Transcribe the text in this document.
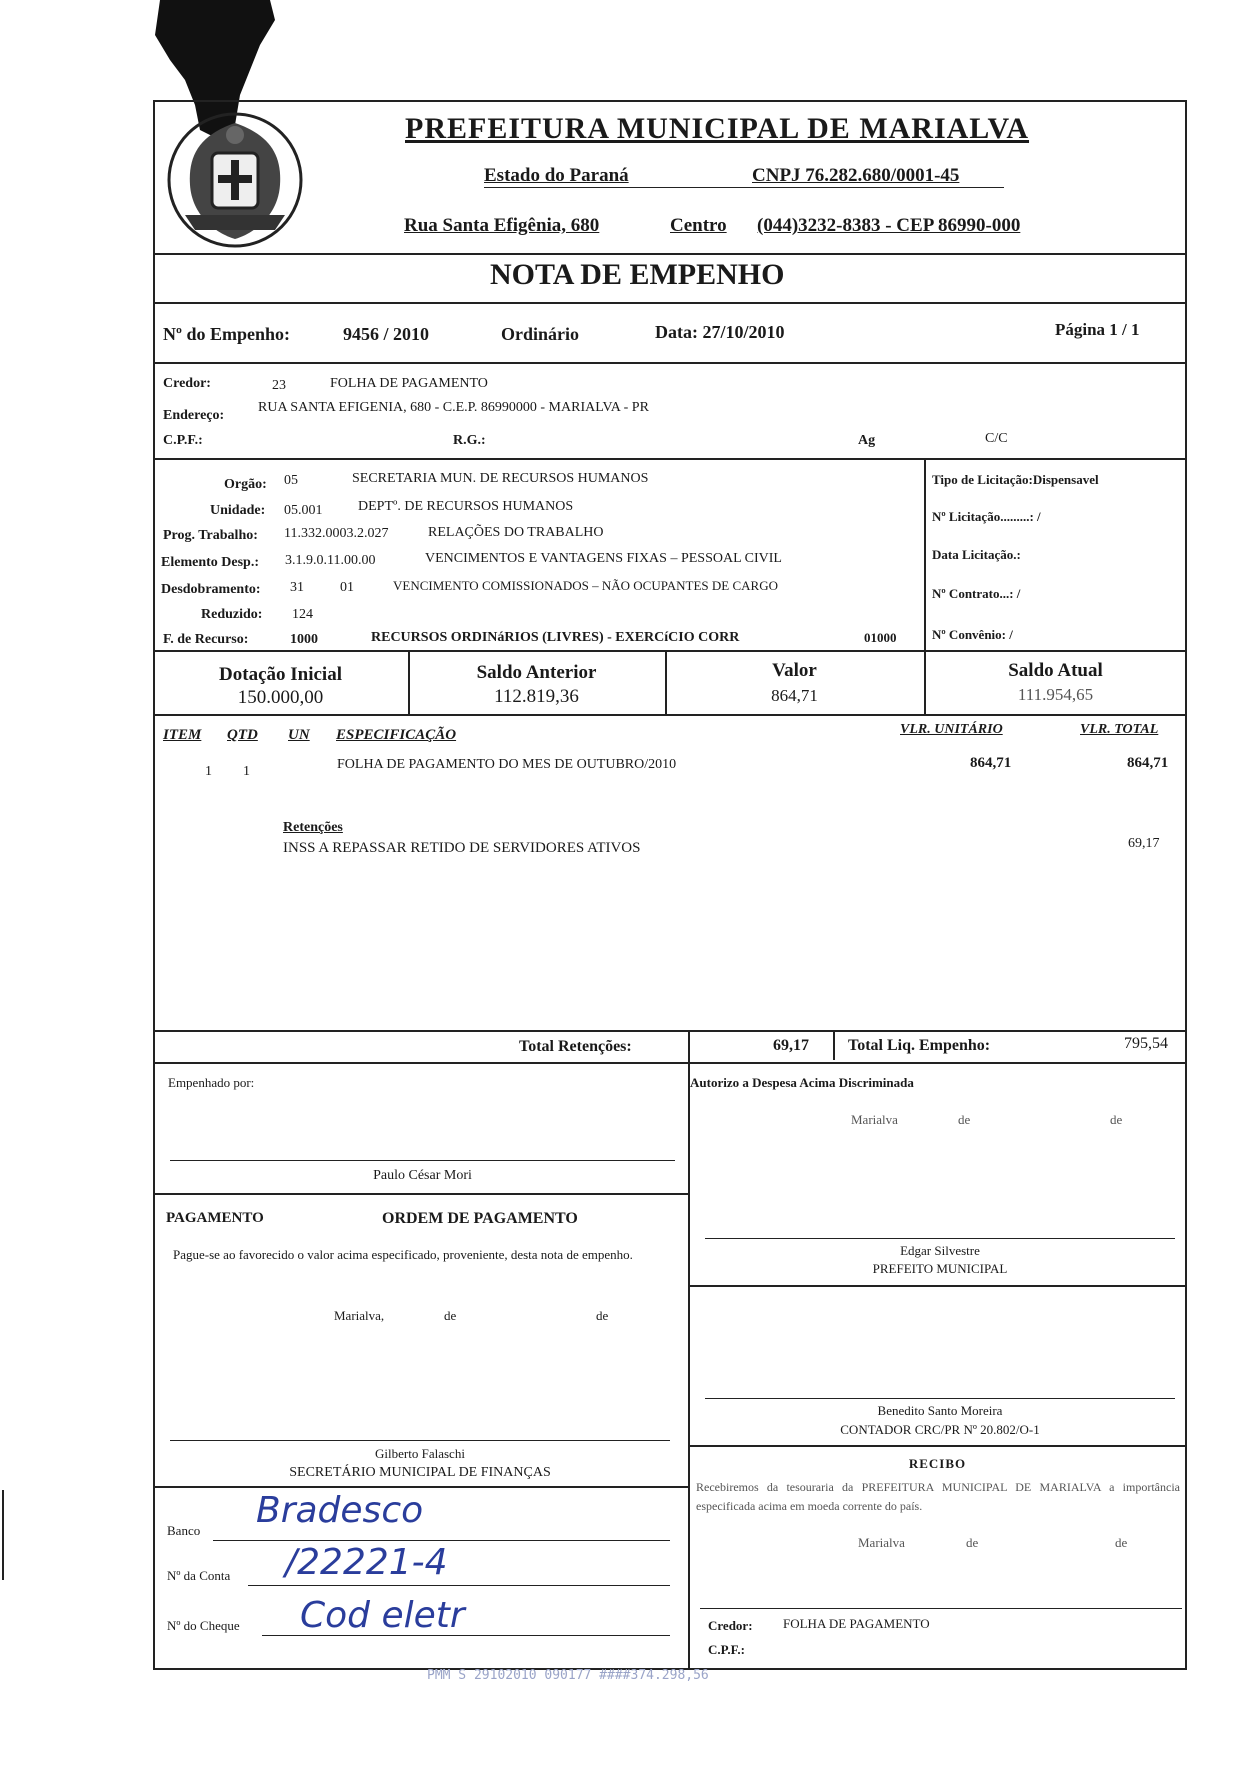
PREFEITURA MUNICIPAL DE MARIALVA
Estado do Paraná	CNPJ 76.282.680/0001-45
Rua Santa Efigênia, 680	Centro (044)3232-8383 - CEP 86990-000
NOTA DE EMPENHO
Nº do Empenho:	9456 / 2010	Ordinário	Data: 27/10/2010	Página 1 / 1
Credor:	23	FOLHA DE PAGAMENTO
Endereço:
RUA SANTA EFIGENIA, 680 - C.E.P. 86990000 - MARIALVA - PR
C.P.F.:	R.G.:	Ag	C/C
Orgão: 05	SECRETARIA MUN. DE RECURSOS HUMANOS
Unidade: 05.001	DEPTº. DE RECURSOS HUMANOS
Prog. Trabalho: 11.332.0003.2.027	RELAÇÕES DO TRABALHO
Elemento Desp.: 3.1.9.0.11.00.00	VENCIMENTOS E VANTAGENS FIXAS – PESSOAL CIVIL
Desdobramento: 31	01	VENCIMENTO COMISSIONADOS – NÃO OCUPANTES DE CARGO
Reduzido: 124
F. de Recurso:	1000	RECURSOS ORDINáRIOS (LIVRES) - EXERCíCIO CORR	01000
Tipo de Licitação:Dispensavel
Nº Licitação.........: /
Data Licitação.:
Nº Contrato...: /
Nº Convênio: /
Dotação Inicial
150.000,00
Saldo Anterior
112.819,36
Valor
864,71
Saldo Atual
111.954,65
ITEM QTD UN ESPECIFICAÇÃO	VLR. UNITÁRIO	VLR. TOTAL
1 1	FOLHA DE PAGAMENTO DO MES DE OUTUBRO/2010	864,71	864,71
Retenções
INSS A REPASSAR RETIDO DE SERVIDORES ATIVOS	69,17
Total Retenções:	69,17 Total Liq. Empenho:	795,54
Empenhado por:
Paulo César Mori
Autorizo a Despesa Acima Discriminada
Marialva	de	de
PAGAMENTO	ORDEM DE PAGAMENTO
Pague-se ao favorecido o valor acima especificado, proveniente, desta nota de empenho.
Marialva,	de	de
Edgar Silvestre
PREFEITO MUNICIPAL
Benedito Santo Moreira
CONTADOR CRC/PR Nº 20.802/O-1
Gilberto Falaschi
SECRETÁRIO MUNICIPAL DE FINANÇAS
RECIBO
Recebiremos da tesouraria da PREFEITURA MUNICIPAL DE MARIALVA a importância especificada acima em moeda corrente do país.
Marialva	de	de
Credor: FOLHA DE PAGAMENTO
C.P.F.:
Banco Bradesco
Nº da Conta /22221-4
Nº do Cheque Cod eletr
PMM S 29102010 090177 ####374.298,56
